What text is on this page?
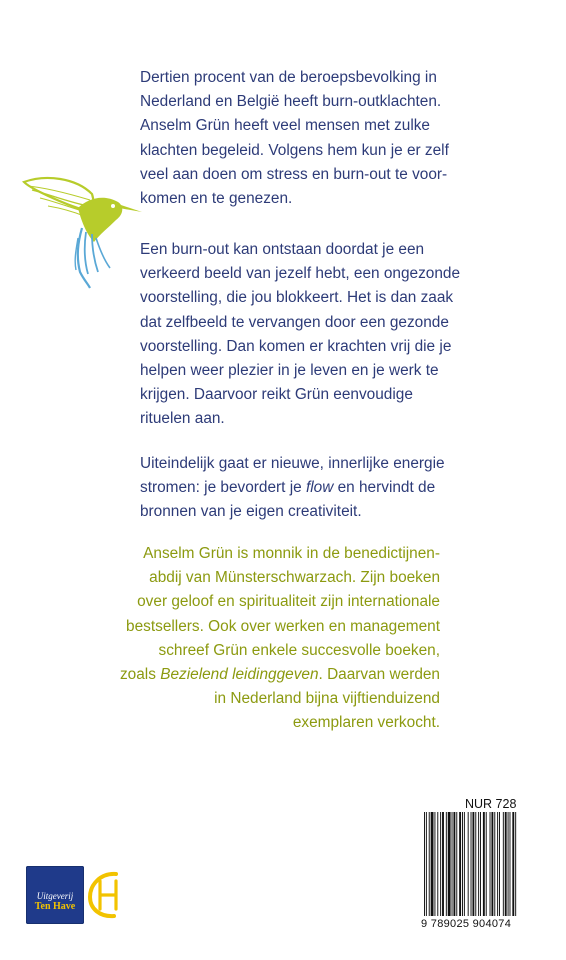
Dertien procent van de beroepsbevolking in
Nederland en België heeft burn-outklachten.
Anselm Grün heeft veel mensen met zulke
klachten begeleid. Volgens hem kun je er zelf
veel aan doen om stress en burn-out te voor-
komen en te genezen.

Een burn-out kan ontstaan doordat je een
verkeerd beeld van jezelf hebt, een ongezonde
voorstelling, die jou blokkeert. Het is dan zaak
dat zelfbeeld te vervangen door een gezonde
voorstelling. Dan komen er krachten vrij die je
helpen weer plezier in je leven en je werk te
krijgen. Daarvoor reikt Grün eenvoudige
rituelen aan.

Uiteindelijk gaat er nieuwe, innerlijke energie
stromen: je bevordert je flow en hervindt de
bronnen van je eigen creativiteit.

Anselm Grün is monnik in de benedictijnen-
abdij van Münsterschwarzach. Zijn boeken
over geloof en spiritualiteit zijn internationale
bestsellers. Ook over werken en management
schreef Grün enkele succesvolle boeken,
zoals Bezielend leidinggeven. Daarvan werden
in Nederland bijna vijftienduizend
exemplaren verkocht.

NUR 728
9 789025 904074
Uitgeverij
Ten Have
